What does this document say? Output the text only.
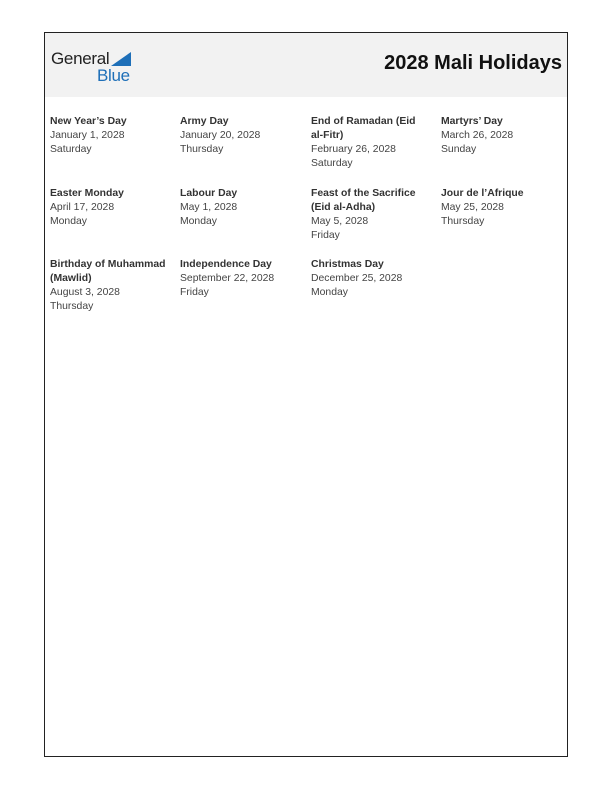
General
Blue
2028 Mali Holidays
New Year’s Day
January 1, 2028
Saturday
Army Day
January 20, 2028
Thursday
End of Ramadan (Eid al-Fitr)
February 26, 2028
Saturday
Martyrs’ Day
March 26, 2028
Sunday
Easter Monday
April 17, 2028
Monday
Labour Day
May 1, 2028
Monday
Feast of the Sacrifice (Eid al-Adha)
May 5, 2028
Friday
Jour de l’Afrique
May 25, 2028
Thursday
Birthday of Muhammad (Mawlid)
August 3, 2028
Thursday
Independence Day
September 22, 2028
Friday
Christmas Day
December 25, 2028
Monday
